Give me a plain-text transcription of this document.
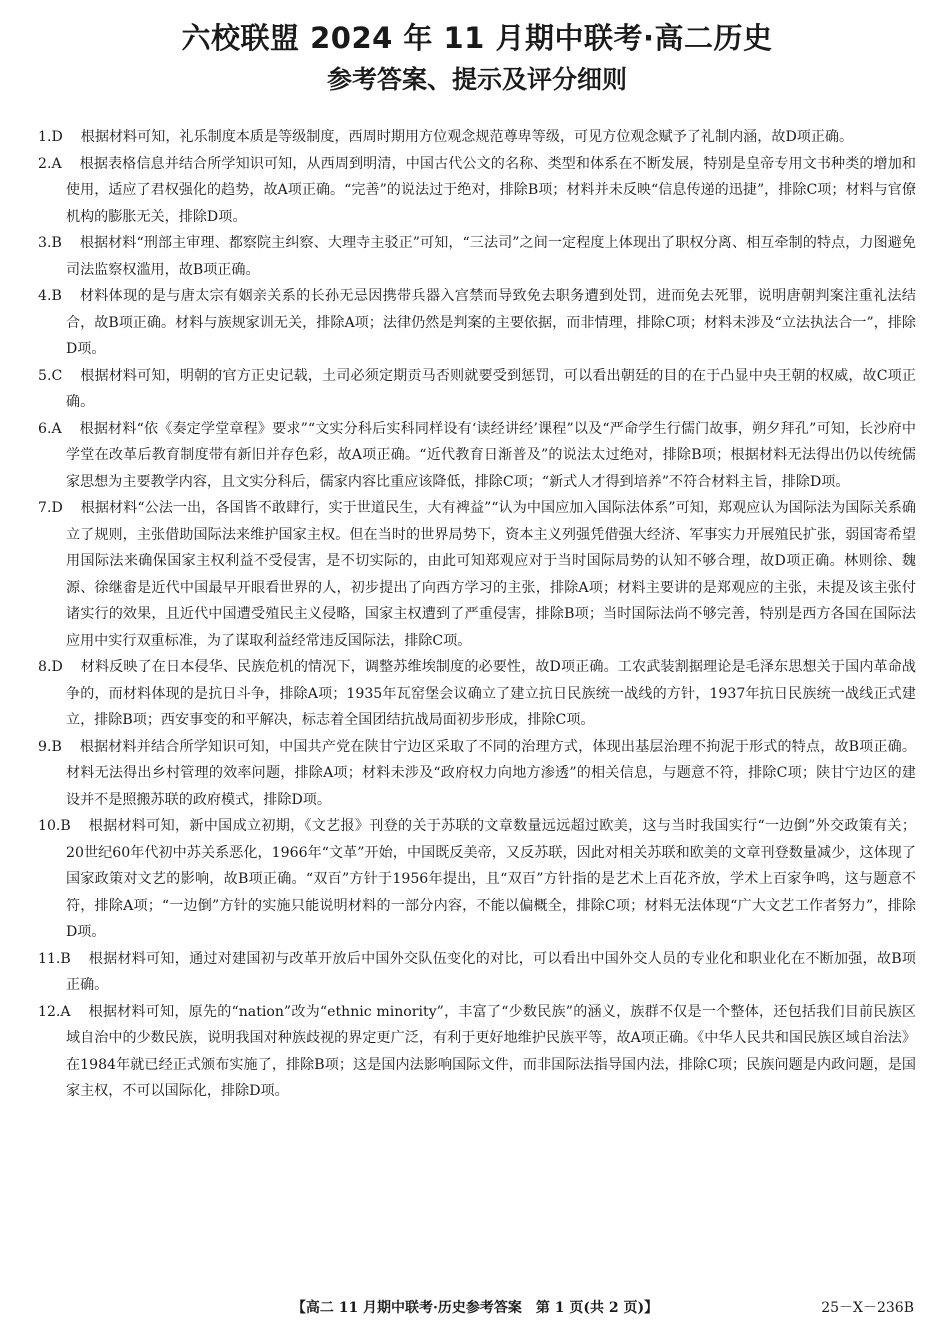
六校联盟 2024 年 11 月期中联考·高二历史
参考答案、提示及评分细则

1.D	根据材料可知，礼乐制度本质是等级制度，西周时期用方位观念规范尊卑等级，可见方位观念赋予了礼制内涵，故D项正确。

2.A	根据表格信息并结合所学知识可知，从西周到明清，中国古代公文的名称、类型和体系在不断发展，特别是皇帝专用文书种类的增加和使用，适应了君权强化的趋势，故A项正确。“完善”的说法过于绝对，排除B项；材料并未反映“信息传递的迅捷”，排除C项；材料与官僚机构的膨胀无关，排除D项。

3.B	根据材料“刑部主审理、都察院主纠察、大理寺主驳正”可知，“三法司”之间一定程度上体现出了职权分离、相互牵制的特点，力图避免司法监察权滥用，故B项正确。

4.B	材料体现的是与唐太宗有姻亲关系的长孙无忌因携带兵器入宫禁而导致免去职务遭到处罚，进而免去死罪，说明唐朝判案注重礼法结合，故B项正确。材料与族规家训无关，排除A项；法律仍然是判案的主要依据，而非情理，排除C项；材料未涉及“立法执法合一”，排除D项。

5.C	根据材料可知，明朝的官方正史记载，土司必须定期贡马否则就要受到惩罚，可以看出朝廷的目的在于凸显中央王朝的权威，故C项正确。

6.A	根据材料“依《奏定学堂章程》要求”“文实分科后实科同样设有‘读经讲经’课程”以及“严命学生行儒门故事，朔夕拜孔”可知，长沙府中学堂在改革后教育制度带有新旧并存色彩，故A项正确。“近代教育日渐普及”的说法太过绝对，排除B项；根据材料无法得出仍以传统儒家思想为主要教学内容，且文实分科后，儒家内容比重应该降低，排除C项；“新式人才得到培养”不符合材料主旨，排除D项。

7.D	根据材料“公法一出，各国皆不敢肆行，实于世道民生，大有裨益”“认为中国应加入国际法体系”可知，郑观应认为国际法为国际关系确立了规则，主张借助国际法来维护国家主权。但在当时的世界局势下，资本主义列强凭借强大经济、军事实力开展殖民扩张，弱国寄希望用国际法来确保国家主权利益不受侵害，是不切实际的，由此可知郑观应对于当时国际局势的认知不够合理，故D项正确。林则徐、魏源、徐继畬是近代中国最早开眼看世界的人，初步提出了向西方学习的主张，排除A项；材料主要讲的是郑观应的主张，未提及该主张付诸实行的效果，且近代中国遭受殖民主义侵略，国家主权遭到了严重侵害，排除B项；当时国际法尚不够完善，特别是西方各国在国际法应用中实行双重标准，为了谋取利益经常违反国际法，排除C项。

8.D	材料反映了在日本侵华、民族危机的情况下，调整苏维埃制度的必要性，故D项正确。工农武装割据理论是毛泽东思想关于国内革命战争的，而材料体现的是抗日斗争，排除A项；1935年瓦窑堡会议确立了建立抗日民族统一战线的方针，1937年抗日民族统一战线正式建立，排除B项；西安事变的和平解决，标志着全国团结抗战局面初步形成，排除C项。

9.B	根据材料并结合所学知识可知，中国共产党在陕甘宁边区采取了不同的治理方式，体现出基层治理不拘泥于形式的特点，故B项正确。材料无法得出乡村管理的效率问题，排除A项；材料未涉及“政府权力向地方渗透”的相关信息，与题意不符，排除C项；陕甘宁边区的建设并不是照搬苏联的政府模式，排除D项。

10.B	根据材料可知，新中国成立初期，《文艺报》刊登的关于苏联的文章数量远远超过欧美，这与当时我国实行“一边倒”外交政策有关；20世纪60年代初中苏关系恶化，1966年“文革”开始，中国既反美帝，又反苏联，因此对相关苏联和欧美的文章刊登数量减少，这体现了国家政策对文艺的影响，故B项正确。“双百”方针于1956年提出，且“双百”方针指的是艺术上百花齐放，学术上百家争鸣，这与题意不符，排除A项；“一边倒”方针的实施只能说明材料的一部分内容，不能以偏概全，排除C项；材料无法体现“广大文艺工作者努力”，排除D项。

11.B	根据材料可知，通过对建国初与改革开放后中国外交队伍变化的对比，可以看出中国外交人员的专业化和职业化在不断加强，故B项正确。

12.A	根据材料可知，原先的“nation”改为“ethnic minority”，丰富了“少数民族”的涵义，族群不仅是一个整体，还包括我们目前民族区域自治中的少数民族，说明我国对种族歧视的界定更广泛，有利于更好地维护民族平等，故A项正确。《中华人民共和国民族区域自治法》在1984年就已经正式颁布实施了，排除B项；这是国内法影响国际文件，而非国际法指导国内法，排除C项；民族问题是内政问题，是国家主权，不可以国际化，排除D项。

【高二 11 月期中联考·历史参考答案　第 1 页(共 2 页)】	25－X－236B
